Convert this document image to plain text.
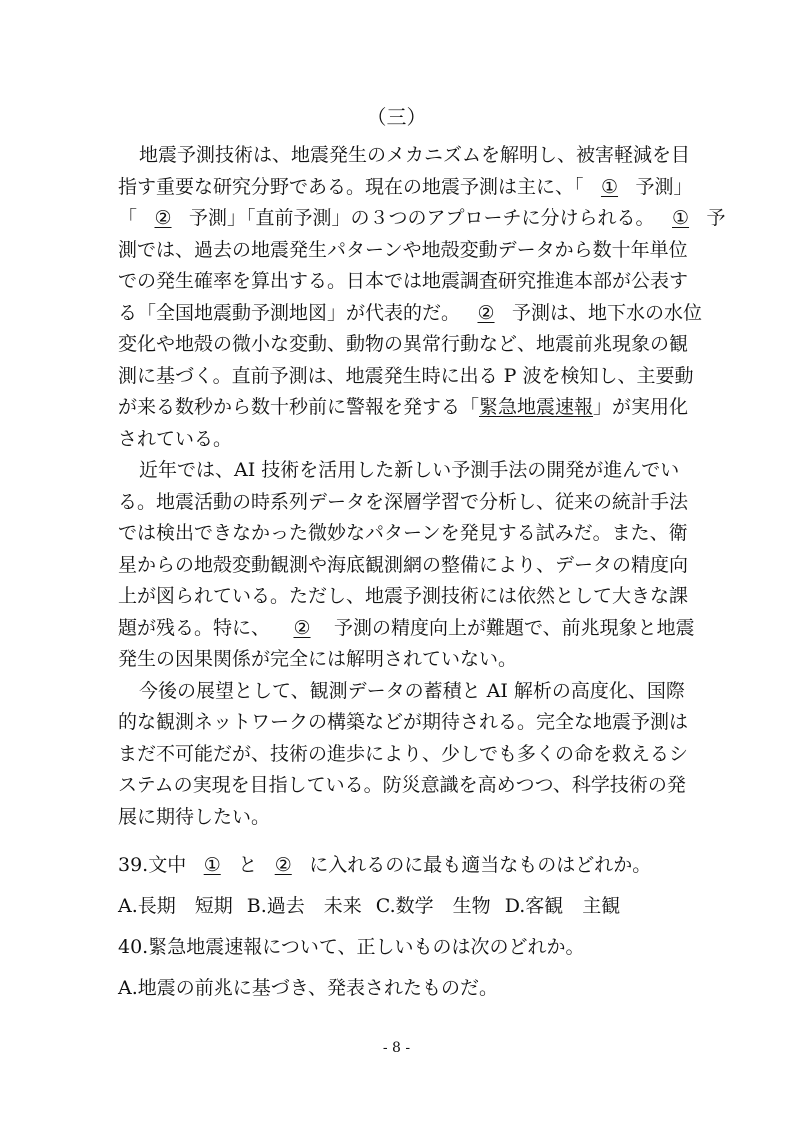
（三）
地震予測技術は、地震発生のメカニズムを解明し、被害軽減を目
指す重要な研究分野である。現在の地震予測は主に、「 ① 予測」
「 ② 予測」「直前予測」の３つのアプローチに分けられる。 ① 予
測では、過去の地震発生パターンや地殻変動データから数十年単位
での発生確率を算出する。日本では地震調査研究推進本部が公表す
る「全国地震動予測地図」が代表的だ。 ② 予測は、地下水の水位
変化や地殻の微小な変動、動物の異常行動など、地震前兆現象の観
測に基づく。直前予測は、地震発生時に出る P 波を検知し、主要動
が来る数秒から数十秒前に警報を発する「緊急地震速報」が実用化
されている。
近年では、AI 技術を活用した新しい予測手法の開発が進んでい
る。地震活動の時系列データを深層学習で分析し、従来の統計手法
では検出できなかった微妙なパターンを発見する試みだ。また、衛
星からの地殻変動観測や海底観測網の整備により、データの精度向
上が図られている。ただし、地震予測技術には依然として大きな課
題が残る。特に、 ② 予測の精度向上が難題で、前兆現象と地震
発生の因果関係が完全には解明されていない。
今後の展望として、観測データの蓄積と AI 解析の高度化、国際
的な観測ネットワークの構築などが期待される。完全な地震予測は
まだ不可能だが、技術の進歩により、少しでも多くの命を救えるシ
ステムの実現を目指している。防災意識を高めつつ、科学技術の発
展に期待したい。
39.文中 ① と ② に入れるのに最も適当なものはどれか。
A.長期　短期 B.過去　未来 C.数学　生物 D.客観　主観
40.緊急地震速報について、正しいものは次のどれか。
A.地震の前兆に基づき、発表されたものだ。
- 8 -
